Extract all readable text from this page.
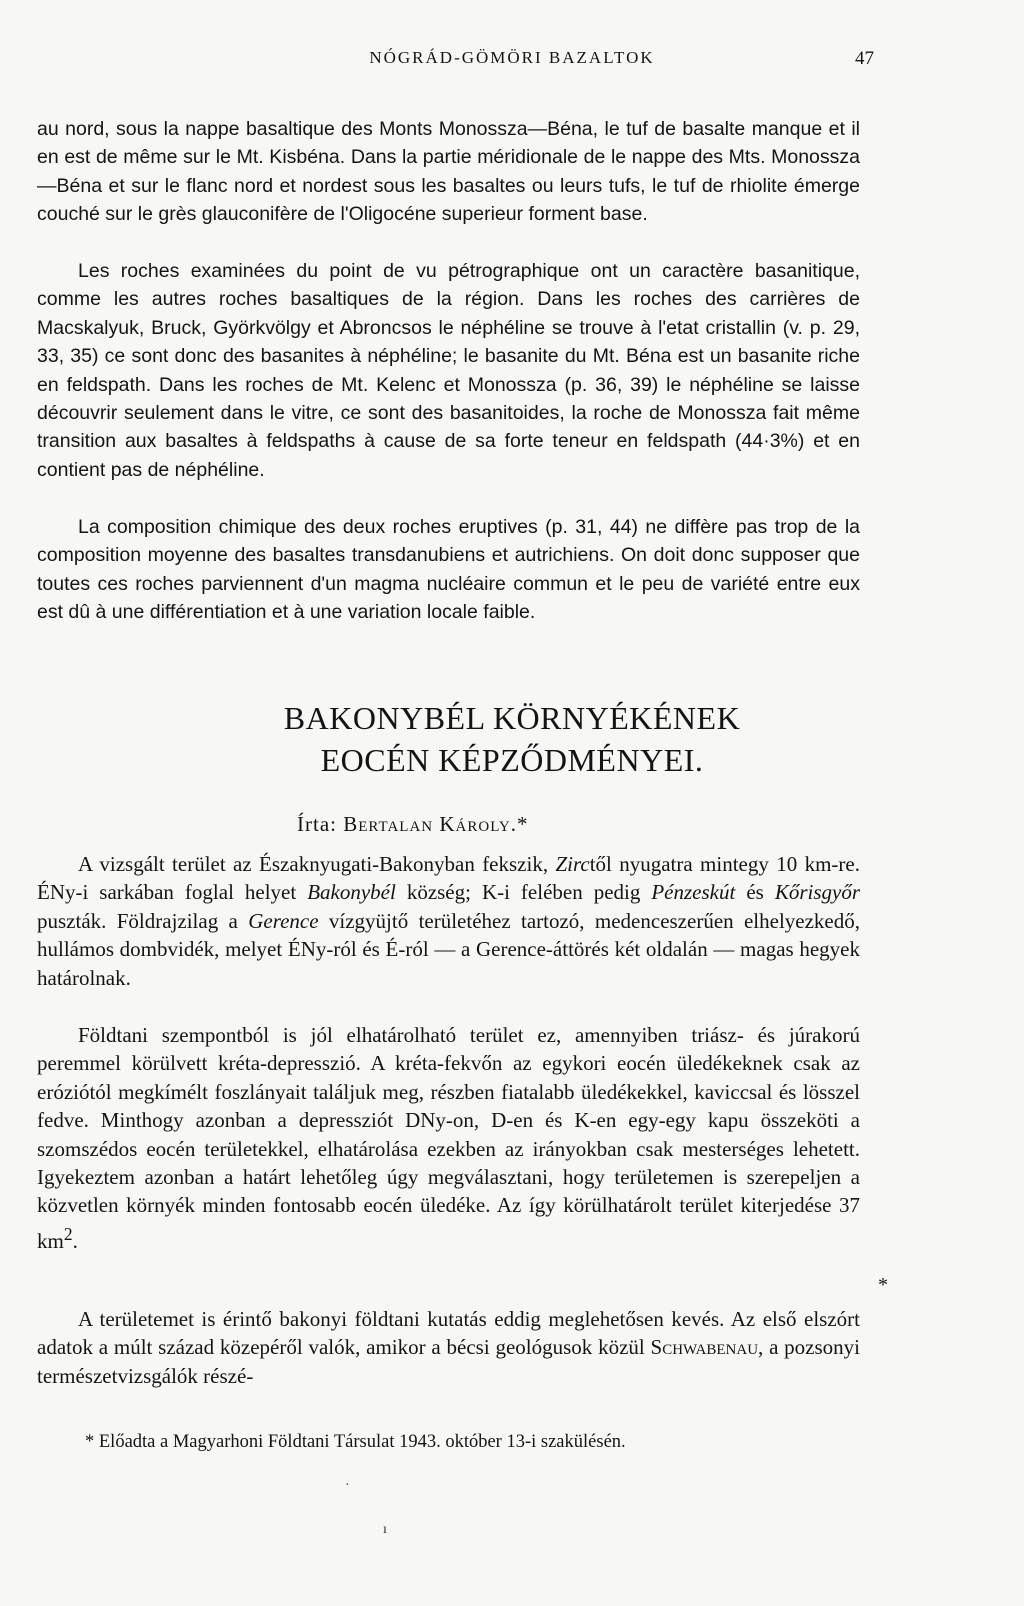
NÓGRÁD-GÖMÖRI BAZALTOK	47

au nord, sous la nappe basaltique des Monts Monossza—Béna, le tuf de basalte manque et il en est de même sur le Mt. Kisbéna. Dans la partie méridionale de le nappe des Mts. Monossza—Béna et sur le flanc nord et nordest sous les basaltes ou leurs tufs, le tuf de rhiolite émerge couché sur le grès glauconifère de l'Oligocéne superieur forment base.

Les roches examinées du point de vu pétrographique ont un caractère basanitique, comme les autres roches basaltiques de la région. Dans les roches des carrières de Macskalyuk, Bruck, Györkvölgy et Abroncsos le néphéline se trouve à l'etat cristallin (v. p. 29, 33, 35) ce sont donc des basanites à néphéline; le basanite du Mt. Béna est un basanite riche en feldspath. Dans les roches de Mt. Kelenc et Monossza (p. 36, 39) le néphéline se laisse découvrir seulement dans le vitre, ce sont des basanitoides, la roche de Monossza fait même transition aux basaltes à feldspaths à cause de sa forte teneur en feldspath (44·3%) et en contient pas de néphéline.

La composition chimique des deux roches eruptives (p. 31, 44) ne diffère pas trop de la composition moyenne des basaltes transdanubiens et autrichiens. On doit donc supposer que toutes ces roches parviennent d'un magma nucléaire commun et le peu de variété entre eux est dû à une différentiation et à une variation locale faible.

BAKONYBÉL KÖRNYÉKÉNEK
EOCÉN KÉPZŐDMÉNYEI.
Írta: Bertalan Károly.*

A vizsgált terület az Északnyugati-Bakonyban fekszik, Zirctől nyugatra mintegy 10 km-re. ÉNy-i sarkában foglal helyet Bakonybél község; K-i felében pedig Pénzeskút és Kőrisgyőr puszták. Földrajzilag a Gerence vízgyüjtő területéhez tartozó, medenceszerűen elhelyezkedő, hullámos dombvidék, melyet ÉNy-ról és É-ról — a Gerence-áttörés két oldalán — magas hegyek határolnak.

Földtani szempontból is jól elhatárolható terület ez, amennyiben triász- és júrakorú peremmel körülvett kréta-depresszió. A kréta-fekvőn az egykori eocén üledékeknek csak az eróziótól megkímélt foszlányait találjuk meg, részben fiatalabb üledékekkel, kaviccsal és lösszel fedve. Minthogy azonban a depressziót DNy-on, D-en és K-en egy-egy kapu összeköti a szomszédos eocén területekkel, elhatárolása ezekben az irányokban csak mesterséges lehetett. Igyekeztem azonban a határt lehetőleg úgy megválasztani, hogy területemen is szerepeljen a közvetlen környék minden fontosabb eocén üledéke. Az így körülhatárolt terület kiterjedése 37 $km^2$.

*

A területemet is érintő bakonyi földtani kutatás eddig meglehetősen kevés. Az első elszórt adatok a múlt század közepéről valók, amikor a bécsi geológusok közül Schwabenau, a pozsonyi természetvizsgálók részé-

* Előadta a Magyarhoni Földtani Társulat 1943. október 13-i szakülésén.
·
ı
